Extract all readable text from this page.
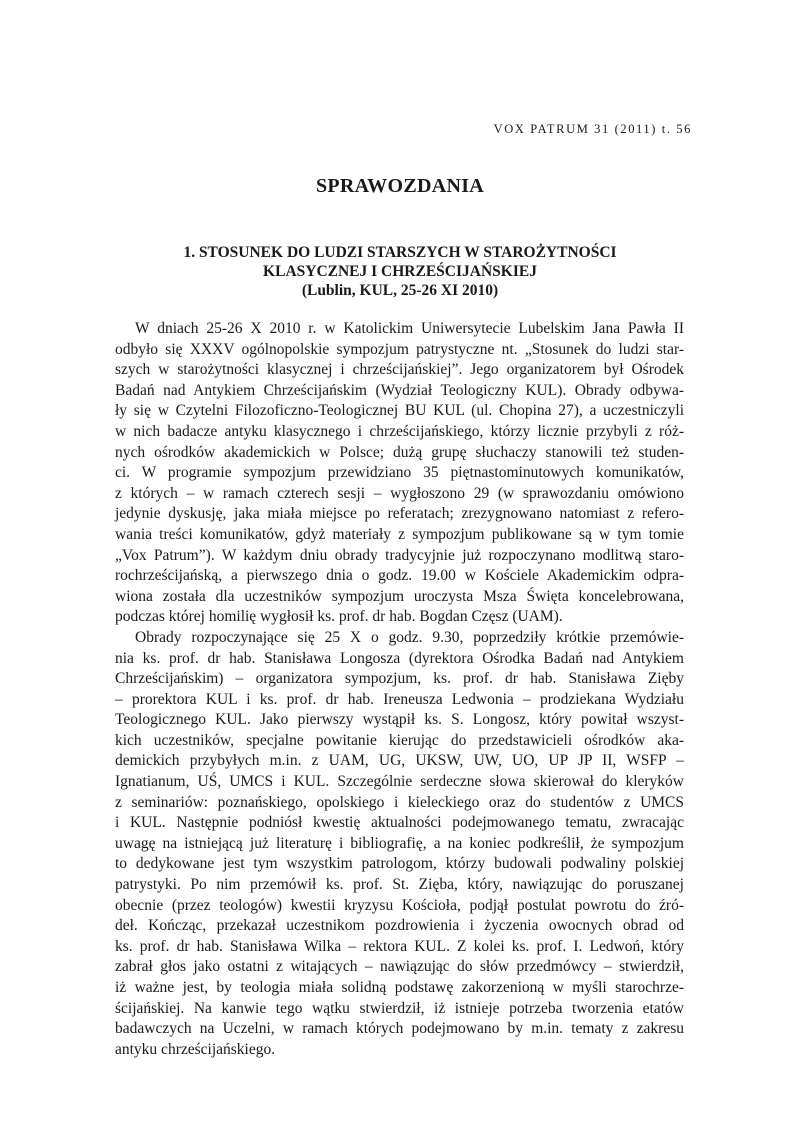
VOX PATRUM 31 (2011) t. 56
SPRAWOZDANIA
1. STOSUNEK DO LUDZI STARSZYCH W STAROŻYTNOŚCI
KLASYCZNEJ I CHRZEŚCIJAŃSKIEJ
(Lublin, KUL, 25-26 XI 2010)
W dniach 25-26 X 2010 r. w Katolickim Uniwersytecie Lubelskim Jana Pawła II
odbyło się XXXV ogólnopolskie sympozjum patrystyczne nt. „Stosunek do ludzi star-
szych w starożytności klasycznej i chrześcijańskiej”. Jego organizatorem był Ośrodek
Badań nad Antykiem Chrześcijańskim (Wydział Teologiczny KUL). Obrady odbywa-
ły się w Czytelni Filozoficzno-Teologicznej BU KUL (ul. Chopina 27), a uczestniczyli
w nich badacze antyku klasycznego i chrześcijańskiego, którzy licznie przybyli z róż-
nych ośrodków akademickich w Polsce; dużą grupę słuchaczy stanowili też studen-
ci. W programie sympozjum przewidziano 35 piętnastominutowych komunikatów,
z których – w ramach czterech sesji – wygłoszono 29 (w sprawozdaniu omówiono
jedynie dyskusję, jaka miała miejsce po referatach; zrezygnowano natomiast z refero-
wania treści komunikatów, gdyż materiały z sympozjum publikowane są w tym tomie
„Vox Patrum”). W każdym dniu obrady tradycyjnie już rozpoczynano modlitwą staro-
rochrześcijańską, a pierwszego dnia o godz. 19.00 w Kościele Akademickim odpra-
wiona została dla uczestników sympozjum uroczysta Msza Święta koncelebrowana,
podczas której homilię wygłosił ks. prof. dr hab. Bogdan Częsz (UAM).
Obrady rozpoczynające się 25 X o godz. 9.30, poprzedziły krótkie przemówie-
nia ks. prof. dr hab. Stanisława Longosza (dyrektora Ośrodka Badań nad Antykiem
Chrześcijańskim) – organizatora sympozjum, ks. prof. dr hab. Stanisława Zięby
– prorektora KUL i ks. prof. dr hab. Ireneusza Ledwonia – prodziekana Wydziału
Teologicznego KUL. Jako pierwszy wystąpił ks. S. Longosz, który powitał wszyst-
kich uczestników, specjalne powitanie kierując do przedstawicieli ośrodków aka-
demickich przybyłych m.in. z UAM, UG, UKSW, UW, UO, UP JP II, WSFP –
Ignatianum, UŚ, UMCS i KUL. Szczególnie serdeczne słowa skierował do kleryków
z seminariów: poznańskiego, opolskiego i kieleckiego oraz do studentów z UMCS
i KUL. Następnie podniósł kwestię aktualności podejmowanego tematu, zwracając
uwagę na istniejącą już literaturę i bibliografię, a na koniec podkreślił, że sympozjum
to dedykowane jest tym wszystkim patrologom, którzy budowali podwaliny polskiej
patrystyki. Po nim przemówił ks. prof. St. Zięba, który, nawiązując do poruszanej
obecnie (przez teologów) kwestii kryzysu Kościoła, podjął postulat powrotu do źró-
deł. Kończąc, przekazał uczestnikom pozdrowienia i życzenia owocnych obrad od
ks. prof. dr hab. Stanisława Wilka – rektora KUL. Z kolei ks. prof. I. Ledwoń, który
zabrał głos jako ostatni z witających – nawiązując do słów przedmówcy – stwierdził,
iż ważne jest, by teologia miała solidną podstawę zakorzenioną w myśli starochrze-
ścijańskiej. Na kanwie tego wątku stwierdził, iż istnieje potrzeba tworzenia etatów
badawczych na Uczelni, w ramach których podejmowano by m.in. tematy z zakresu
antyku chrześcijańskiego.
